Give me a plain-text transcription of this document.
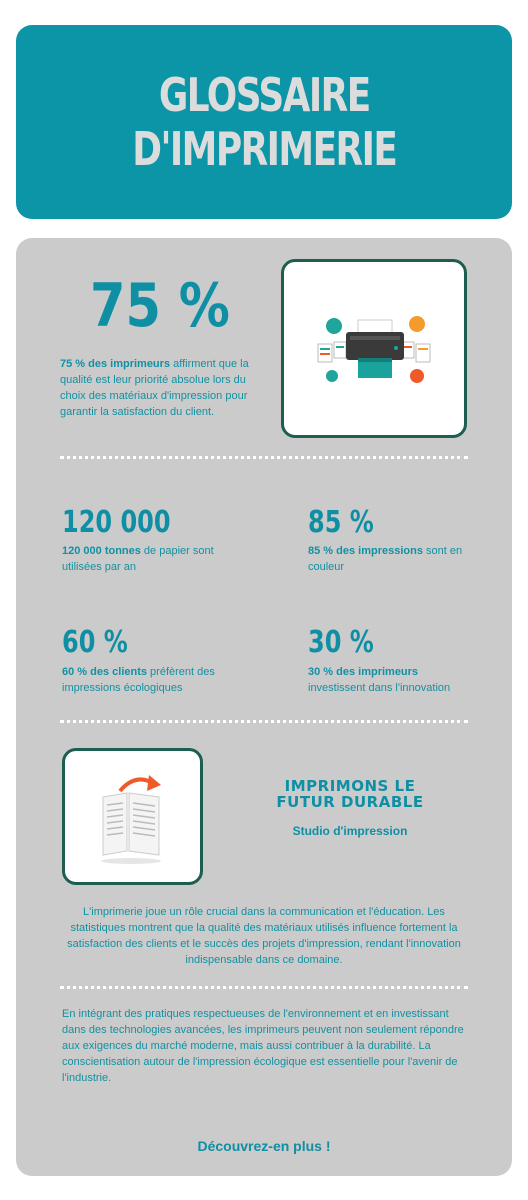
GLOSSAIRE
D'IMPRIMERIE
75 %
75 % des imprimeurs affirment que la qualité est leur priorité absolue lors du choix des matériaux d'impression pour garantir la satisfaction du client.
120 000
120 000 tonnes de papier sont utilisées par an
85 %
85 % des impressions sont en couleur
60 %
60 % des clients préfèrent des impressions écologiques
30 %
30 % des imprimeurs investissent dans l'innovation
IMPRIMONS LE
FUTUR DURABLE
Studio d'impression
L'imprimerie joue un rôle crucial dans la communication et l'éducation. Les statistiques montrent que la qualité des matériaux utilisés influence fortement la satisfaction des clients et le succès des projets d'impression, rendant l'innovation indispensable dans ce domaine.
En intégrant des pratiques respectueuses de l'environnement et en investissant dans des technologies avancées, les imprimeurs peuvent non seulement répondre aux exigences du marché moderne, mais aussi contribuer à la durabilité. La conscientisation autour de l'impression écologique est essentielle pour l'avenir de l'industrie.
Découvrez-en plus !
